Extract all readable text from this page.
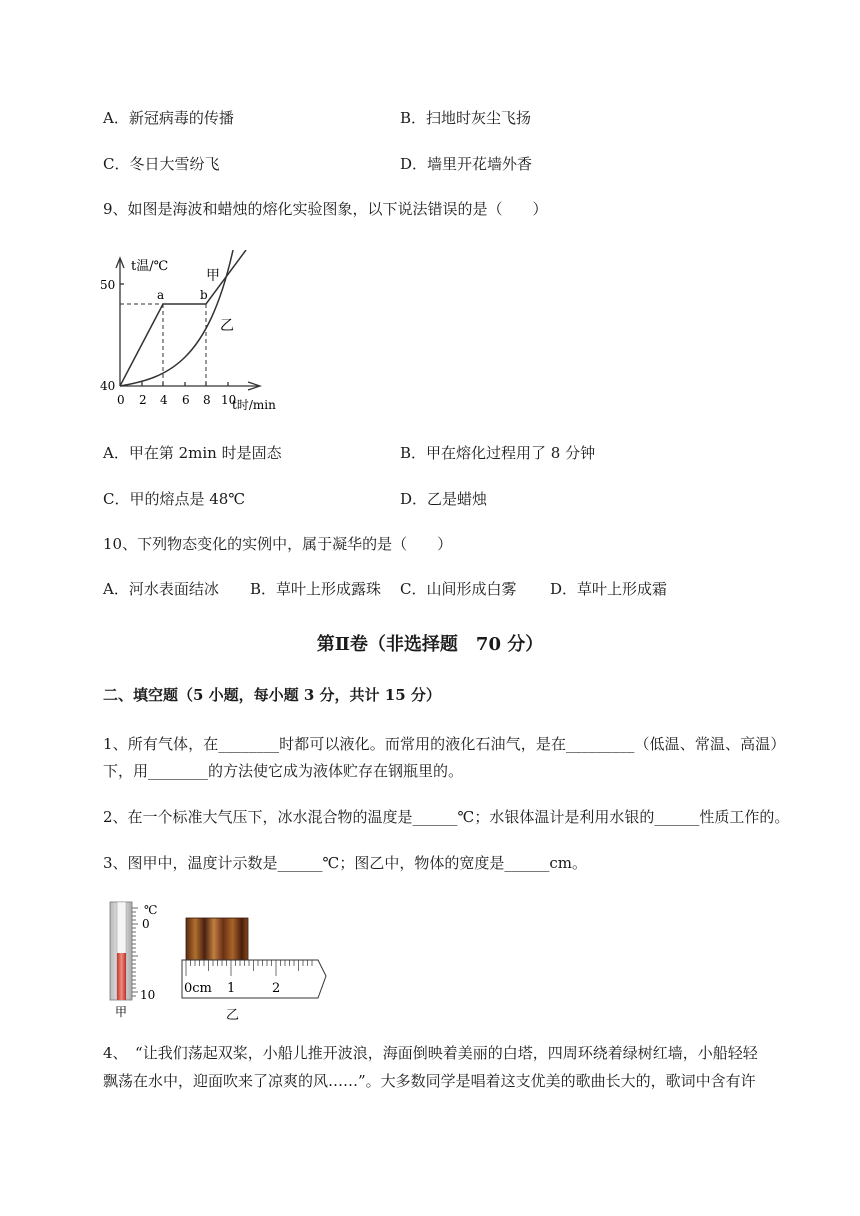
A．新冠病毒的传播	B．扫地时灰尘飞扬
C．冬日大雪纷飞	D．墙里开花墙外香
9、如图是海波和蜡烛的熔化实验图象，以下说法错误的是（　　）
t温/℃
甲
乙
a	b
50
40
0 2 4 6 8 10
t时/min
A．甲在第 2min 时是固态	B．甲在熔化过程用了 8 分钟
C．甲的熔点是 48℃	D．乙是蜡烛
10、下列物态变化的实例中，属于凝华的是（　　）
A．河水表面结冰 B．草叶上形成露珠 C．山间形成白雾 D．草叶上形成霜
第Ⅱ卷（非选择题　70 分）
二、填空题（5 小题，每小题 3 分，共计 15 分）
1、所有气体，在________时都可以液化。而常用的液化石油气，是在_________（低温、常温、高温）
下，用________的方法使它成为液体贮存在钢瓶里的。
2、在一个标准大气压下，冰水混合物的温度是______℃；水银体温计是利用水银的______性质工作的。
3、图甲中，温度计示数是______℃；图乙中，物体的宽度是______cm。
℃
0
10
甲
0cm 1	2
乙
4、　“让我们荡起双桨，小船儿推开波浪，海面倒映着美丽的白塔，四周环绕着绿树红墙，小船轻轻
飘荡在水中，迎面吹来了凉爽的风……”。大多数同学是唱着这支优美的歌曲长大的，歌词中含有许
